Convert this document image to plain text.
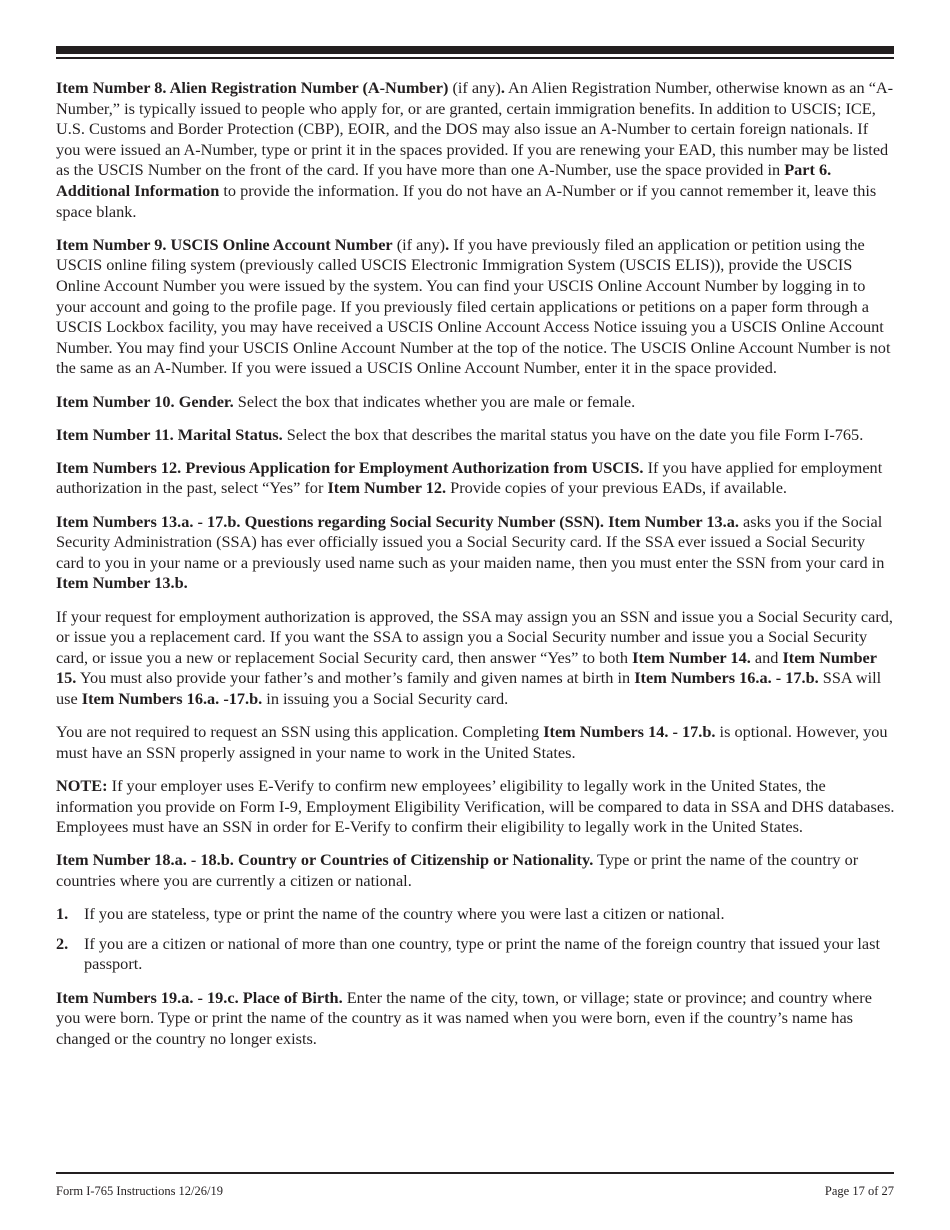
Item Number 8. Alien Registration Number (A-Number) (if any). An Alien Registration Number, otherwise known as an “A-Number,” is typically issued to people who apply for, or are granted, certain immigration benefits. In addition to USCIS; ICE, U.S. Customs and Border Protection (CBP), EOIR, and the DOS may also issue an A-Number to certain foreign nationals. If you were issued an A-Number, type or print it in the spaces provided. If you are renewing your EAD, this number may be listed as the USCIS Number on the front of the card. If you have more than one A-Number, use the space provided in Part 6. Additional Information to provide the information. If you do not have an A-Number or if you cannot remember it, leave this space blank.

Item Number 9. USCIS Online Account Number (if any). If you have previously filed an application or petition using the USCIS online filing system (previously called USCIS Electronic Immigration System (USCIS ELIS)), provide the USCIS Online Account Number you were issued by the system. You can find your USCIS Online Account Number by logging in to your account and going to the profile page. If you previously filed certain applications or petitions on a paper form through a USCIS Lockbox facility, you may have received a USCIS Online Account Access Notice issuing you a USCIS Online Account Number. You may find your USCIS Online Account Number at the top of the notice. The USCIS Online Account Number is not the same as an A-Number. If you were issued a USCIS Online Account Number, enter it in the space provided.

Item Number 10. Gender. Select the box that indicates whether you are male or female.

Item Number 11. Marital Status. Select the box that describes the marital status you have on the date you file Form I-765.

Item Numbers 12. Previous Application for Employment Authorization from USCIS. If you have applied for employment authorization in the past, select “Yes” for Item Number 12. Provide copies of your previous EADs, if available.

Item Numbers 13.a. - 17.b. Questions regarding Social Security Number (SSN). Item Number 13.a. asks you if the Social Security Administration (SSA) has ever officially issued you a Social Security card. If the SSA ever issued a Social Security card to you in your name or a previously used name such as your maiden name, then you must enter the SSN from your card in Item Number 13.b.

If your request for employment authorization is approved, the SSA may assign you an SSN and issue you a Social Security card, or issue you a replacement card. If you want the SSA to assign you a Social Security number and issue you a Social Security card, or issue you a new or replacement Social Security card, then answer “Yes” to both Item Number 14. and Item Number 15. You must also provide your father’s and mother’s family and given names at birth in Item Numbers 16.a. - 17.b. SSA will use Item Numbers 16.a. -17.b. in issuing you a Social Security card.

You are not required to request an SSN using this application. Completing Item Numbers 14. - 17.b. is optional. However, you must have an SSN properly assigned in your name to work in the United States.

NOTE: If your employer uses E-Verify to confirm new employees’ eligibility to legally work in the United States, the information you provide on Form I-9, Employment Eligibility Verification, will be compared to data in SSA and DHS databases. Employees must have an SSN in order for E-Verify to confirm their eligibility to legally work in the United States.

Item Number 18.a. - 18.b. Country or Countries of Citizenship or Nationality. Type or print the name of the country or countries where you are currently a citizen or national.

1. If you are stateless, type or print the name of the country where you were last a citizen or national.
2. If you are a citizen or national of more than one country, type or print the name of the foreign country that issued your last passport.

Item Numbers 19.a. - 19.c. Place of Birth. Enter the name of the city, town, or village; state or province; and country where you were born. Type or print the name of the country as it was named when you were born, even if the country’s name has changed or the country no longer exists.

Form I-765 Instructions 12/26/19	Page 17 of 27
